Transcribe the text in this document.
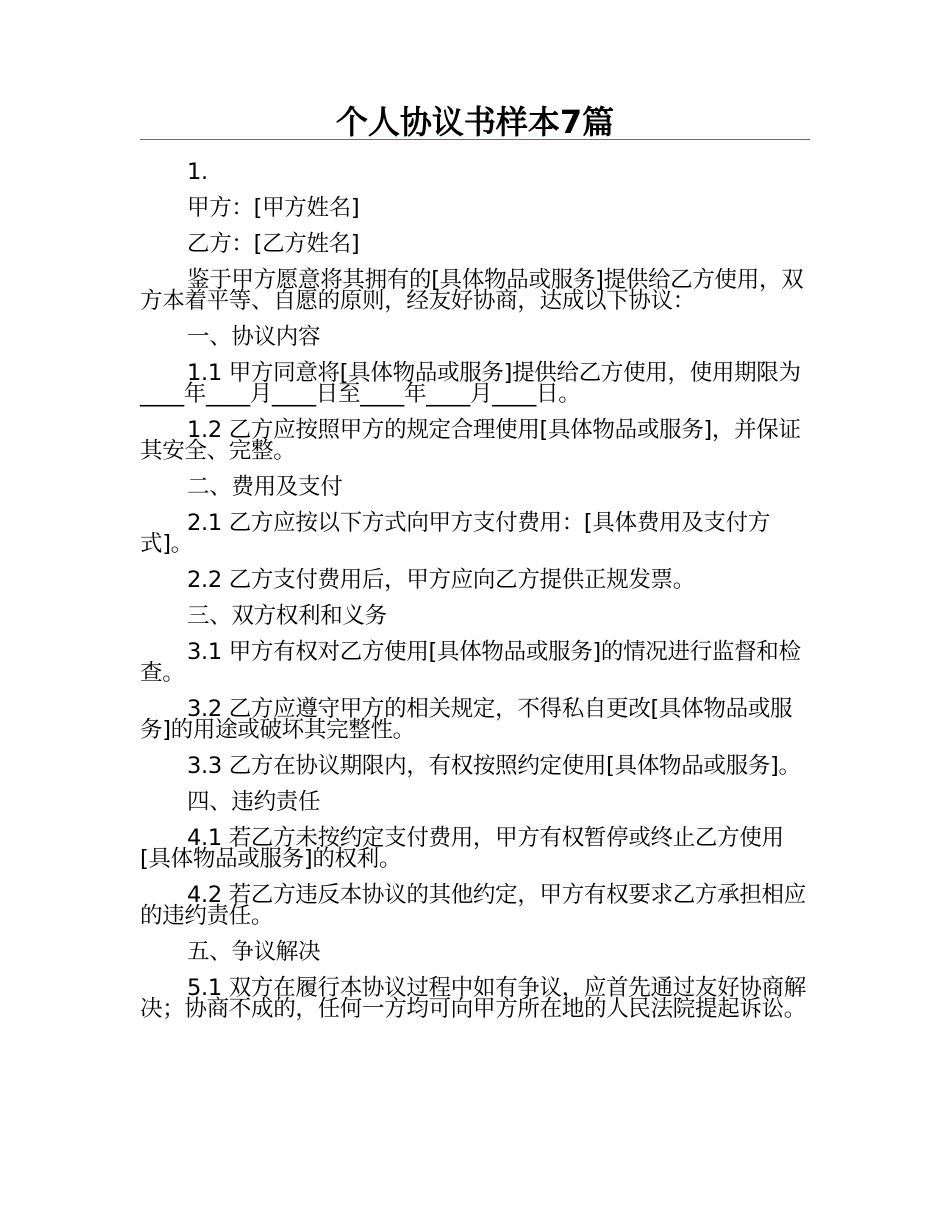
个人协议书样本7篇

1.

甲方：[甲方姓名]

乙方：[乙方姓名]

鉴于甲方愿意将其拥有的[具体物品或服务]提供给乙方使用，双方本着平等、自愿的原则，经友好协商，达成以下协议：

一、协议内容

1.1 甲方同意将[具体物品或服务]提供给乙方使用，使用期限为____年____月____日至____年____月____日。

1.2 乙方应按照甲方的规定合理使用[具体物品或服务]，并保证其安全、完整。

二、费用及支付

2.1 乙方应按以下方式向甲方支付费用：[具体费用及支付方式]。

2.2 乙方支付费用后，甲方应向乙方提供正规发票。

三、双方权利和义务

3.1 甲方有权对乙方使用[具体物品或服务]的情况进行监督和检查。

3.2 乙方应遵守甲方的相关规定，不得私自更改[具体物品或服务]的用途或破坏其完整性。

3.3 乙方在协议期限内，有权按照约定使用[具体物品或服务]。

四、违约责任

4.1 若乙方未按约定支付费用，甲方有权暂停或终止乙方使用[具体物品或服务]的权利。

4.2 若乙方违反本协议的其他约定，甲方有权要求乙方承担相应的违约责任。

五、争议解决

5.1 双方在履行本协议过程中如有争议，应首先通过友好协商解决；协商不成的，任何一方均可向甲方所在地的人民法院提起诉讼。
